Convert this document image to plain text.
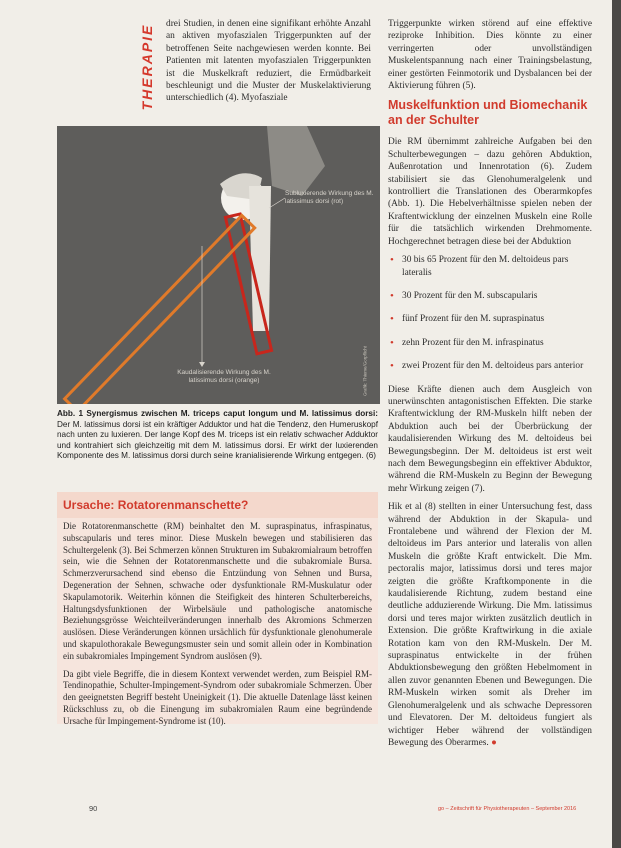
THERAPIE drei Studien, in denen eine signifikant erhöhte Anzahl an aktiven myofaszialen Triggerpunkten auf der betroffenen Seite nachgewiesen werden konnte. Bei Patienten mit latenten myofaszialen Triggerpunkten ist die Muskelkraft reduziert, die Ermüdbarkeit beschleunigt und die Muster der Muskelaktivierung unterschiedlich (4). Myofasziale

Subluxierende Wirkung des M. latissimus dorsi (rot)
Kaudalisierende Wirkung des M. latissimus dorsi (orange)	Grafik: Thieme/Gorpflicht
Abb. 1 Synergismus zwischen M. triceps caput longum und M. latissimus dorsi: Der M. latissimus dorsi ist ein kräftiger Adduktor und hat die Tendenz, den Humeruskopf nach unten zu luxieren. Der lange Kopf des M. triceps ist ein relativ schwacher Adduktor und kontrahiert sich gleichzeitig mit dem M. latissimus dorsi. Er wirkt der luxierenden Komponente des M. latissimus dorsi durch seine kranialisierende Wirkung entgegen. (6)
Ursache: Rotatorenmanschette?

Die Rotatorenmanschette (RM) beinhaltet den M. supraspinatus, infraspinatus, subscapularis und teres minor. Diese Muskeln bewegen und stabilisieren das Schultergelenk (3). Bei Schmerzen können Strukturen im Subakromialraum betroffen sein, wie die Sehnen der Rotatorenmanschette und die subakromiale Bursa. Schmerzverursachend sind ebenso die Entzündung von Sehnen und Bursa, Degeneration der Sehnen, schwache oder dysfunktionale RM-Muskulatur oder Skapulamotorik. Weiterhin können die Steifigkeit des hinteren Schulterbereichs, Haltungsdysfunktionen der Wirbelsäule und pathologische anatomische Beziehungsgrösse Weichteilveränderungen innerhalb des Akromions Schmerzen auslösen. Diese Veränderungen können ursächlich für dysfunktionale glenohumerale und skapulothorakale Bewegungsmuster sein und somit allein oder in Kombination ein subakromiales Impingement Syndrom auslösen (9).

Da gibt viele Begriffe, die in diesem Kontext verwendet werden, zum Beispiel RM-Tendinopathie, Schulter-Impingement-Syndrom oder subakromiale Schmerzen. Über den geeignetsten Begriff besteht Uneinigkeit (1). Die aktuelle Datenlage lässt keinen Rückschluss zu, ob die Einengung im subakromialen Raum eine begründende Ursache für Impingement-Syndrome ist (10).

Triggerpunkte wirken störend auf eine effektive reziproke Inhibition. Dies könnte zu einer verringerten oder unvollständigen Muskelentspannung nach einer Trainingsbelastung, einer gestörten Feinmotorik und Dysbalancen bei der Aktivierung führen (5).

Muskelfunktion und Biomechanik an der Schulter

Die RM übernimmt zahlreiche Aufgaben bei den Schulterbewegungen – dazu gehören Abduktion, Außenrotation und Innenrotation (6). Zudem stabilisiert sie das Glenohumeralgelenk und kontrolliert die Translationen des Oberarmkopfes (Abb. 1). Die Hebelverhältnisse spielen neben der Kraftentwicklung der einzelnen Muskeln eine Rolle für die tatsächlich wirkenden Drehmomente. Hochgerechnet betragen diese bei der Abduktion

• 30 bis 65 Prozent für den M. deltoideus pars lateralis
• 30 Prozent für den M. subscapularis
• fünf Prozent für den M. supraspinatus
• zehn Prozent für den M. infraspinatus
• zwei Prozent für den M. deltoideus pars anterior

Diese Kräfte dienen auch dem Ausgleich von unerwünschten antagonistischen Effekten. Die starke Kraftentwicklung der RM-Muskeln hilft neben der Abduktion auch bei der Überbrückung der kaudalisierenden Wirkung des M. deltoideus bei Bewegungsbeginn. Der M. deltoideus ist erst weit nach dem Bewegungsbeginn ein effektiver Abduktor, während die RM-Muskeln zu Beginn der Bewegung mehr Wirkung zeigen (7).

Hik et al (8) stellten in einer Untersuchung fest, dass während der Abduktion in der Skapula- und Frontalebene und während der Flexion der M. deltoideus im Pars anterior und lateralis von allen Muskeln die größte Kraft entwickelt. Die Mm. pectoralis major, latissimus dorsi und teres major zeigten die größte Kraftkomponente in die kaudalisierende Richtung, zudem bestand eine deutliche adduzierende Wirkung. Die Mm. latissimus dorsi und teres major wirkten zusätzlich deutlich in Extension. Die größte Kraftwirkung in die axiale Rotation kam von den RM-Muskeln. Der M. supraspinatus entwickelte in der frühen Abduktionsbewegung den größten Hebelmoment in allen zuvor genannten Ebenen und Bewegungen. Die RM-Muskeln wirken somit als Dreher im Glenohumeralgelenk und als schwache Depressoren und Elevatoren. Der M. deltoideus fungiert als wichtiger Heber während der vollständigen Bewegung des Oberarmes. ●

90	go – Zeitschrift für Physiotherapeuten – September 2016
